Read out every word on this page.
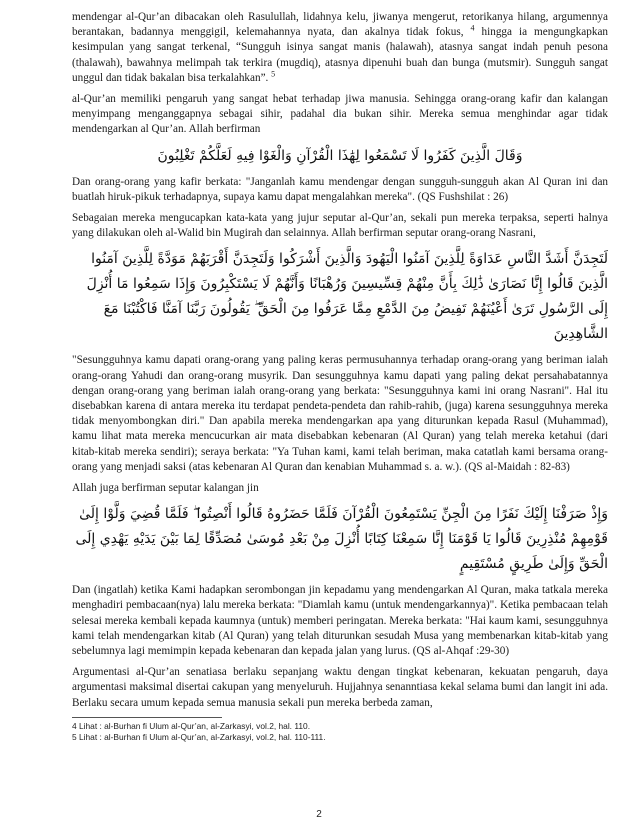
mendengar al-Qur’an dibacakan oleh Rasulullah, lidahnya kelu, jiwanya mengerut, retorikanya hilang, argumennya berantakan, badannya menggigil, kelemahannya nyata, dan akalnya tidak fokus, $^4$ hingga ia mengungkapkan kesimpulan yang sangat terkenal, “Sungguh isinya sangat manis (halawah), atasnya sangat indah penuh pesona (thalawah), bawahnya melimpah tak terkira (mugdiq), atasnya dipenuhi buah dan bunga (mutsmir). Sungguh sangat unggul dan tidak bakalan bisa terkalahkan”. $^5$

al-Qur’an memiliki pengaruh yang sangat hebat terhadap jiwa manusia. Sehingga orang-orang kafir dan kalangan menyimpang menganggapnya sebagai sihir, padahal dia bukan sihir. Mereka semua menghindar agar tidak mendengarkan al Qur’an. Allah berfirman

وَقَالَ الَّذِينَ كَفَرُوا لَا تَسْمَعُوا لِهَٰذَا الْقُرْآنِ وَالْغَوْا فِيهِ لَعَلَّكُمْ تَغْلِبُونَ

Dan orang-orang yang kafir berkata: "Janganlah kamu mendengar dengan sungguh-sungguh akan Al Quran ini dan buatlah hiruk-pikuk terhadapnya, supaya kamu dapat mengalahkan mereka". (QS Fushshilat : 26)

Sebagaian mereka mengucapkan kata-kata yang jujur seputar al-Qur’an, sekali pun mereka terpaksa, seperti halnya yang dilakukan oleh al-Walid bin Mugirah dan selainnya. Allah berfirman seputar orang-orang Nasrani,

لَتَجِدَنَّ أَشَدَّ النَّاسِ عَدَاوَةً لِلَّذِينَ آمَنُوا الْيَهُودَ وَالَّذِينَ أَشْرَكُوا وَلَتَجِدَنَّ أَقْرَبَهُمْ مَوَدَّةً لِلَّذِينَ آمَنُوا الَّذِينَ قَالُوا إِنَّا نَصَارَىٰ ذَٰلِكَ بِأَنَّ مِنْهُمْ قِسِّيسِينَ وَرُهْبَانًا وَأَنَّهُمْ لَا يَسْتَكْبِرُونَ وَإِذَا سَمِعُوا مَا أُنْزِلَ إِلَى الرَّسُولِ تَرَىٰ أَعْيُنَهُمْ تَفِيضُ مِنَ الدَّمْعِ مِمَّا عَرَفُوا مِنَ الْحَقِّ ۖ يَقُولُونَ رَبَّنَا آمَنَّا فَاكْتُبْنَا مَعَ الشَّاهِدِينَ

"Sesungguhnya kamu dapati orang-orang yang paling keras permusuhannya terhadap orang-orang yang beriman ialah orang-orang Yahudi dan orang-orang musyrik. Dan sesungguhnya kamu dapati yang paling dekat persahabatannya dengan orang-orang yang beriman ialah orang-orang yang berkata: "Sesungguhnya kami ini orang Nasrani". Hal itu disebabkan karena di antara mereka itu terdapat pendeta-pendeta dan rahib-rahib, (juga) karena sesungguhnya mereka tidak menyombongkan diri." Dan apabila mereka mendengarkan apa yang diturunkan kepada Rasul (Muhammad), kamu lihat mata mereka mencucurkan air mata disebabkan kebenaran (Al Quran) yang telah mereka ketahui (dari kitab-kitab mereka sendiri); seraya berkata: "Ya Tuhan kami, kami telah beriman, maka catatlah kami bersama orang-orang yang menjadi saksi (atas kebenaran Al Quran dan kenabian Muhammad s. a. w.). (QS al-Maidah : 82-83)

Allah juga berfirman seputar kalangan jin

وَإِذْ صَرَفْنَا إِلَيْكَ نَفَرًا مِنَ الْجِنِّ يَسْتَمِعُونَ الْقُرْآنَ فَلَمَّا حَضَرُوهُ قَالُوا أَنْصِتُوا ۖ فَلَمَّا قُضِيَ وَلَّوْا إِلَىٰ قَوْمِهِمْ مُنْذِرِينَ قَالُوا يَا قَوْمَنَا إِنَّا سَمِعْنَا كِتَابًا أُنْزِلَ مِنْ بَعْدِ مُوسَىٰ مُصَدِّقًا لِمَا بَيْنَ يَدَيْهِ يَهْدِي إِلَى الْحَقِّ وَإِلَىٰ طَرِيقٍ مُسْتَقِيمٍ

Dan (ingatlah) ketika Kami hadapkan serombongan jin kepadamu yang mendengarkan Al Quran, maka tatkala mereka menghadiri pembacaan(nya) lalu mereka berkata: "Diamlah kamu (untuk mendengarkannya)". Ketika pembacaan telah selesai mereka kembali kepada kaumnya (untuk) memberi peringatan. Mereka berkata: "Hai kaum kami, sesungguhnya kami telah mendengarkan kitab (Al Quran) yang telah diturunkan sesudah Musa yang membenarkan kitab-kitab yang sebelumnya lagi memimpin kepada kebenaran dan kepada jalan yang lurus. (QS al-Ahqaf :29-30)

Argumentasi al-Qur’an senatiasa berlaku sepanjang waktu dengan tingkat kebenaran, kekuatan pengaruh, daya argumentasi maksimal disertai cakupan yang menyeluruh. Hujjahnya senanntiasa kekal selama bumi dan langit ini ada. Berlaku secara umum kepada semua manusia sekali pun mereka berbeda zaman,

4 Lihat : al-Burhan fi Ulum al-Qur’an, al-Zarkasyi, vol.2, hal. 110.
5 Lihat : al-Burhan fi Ulum al-Qur’an, al-Zarkasyi, vol.2, hal. 110-111.
2
